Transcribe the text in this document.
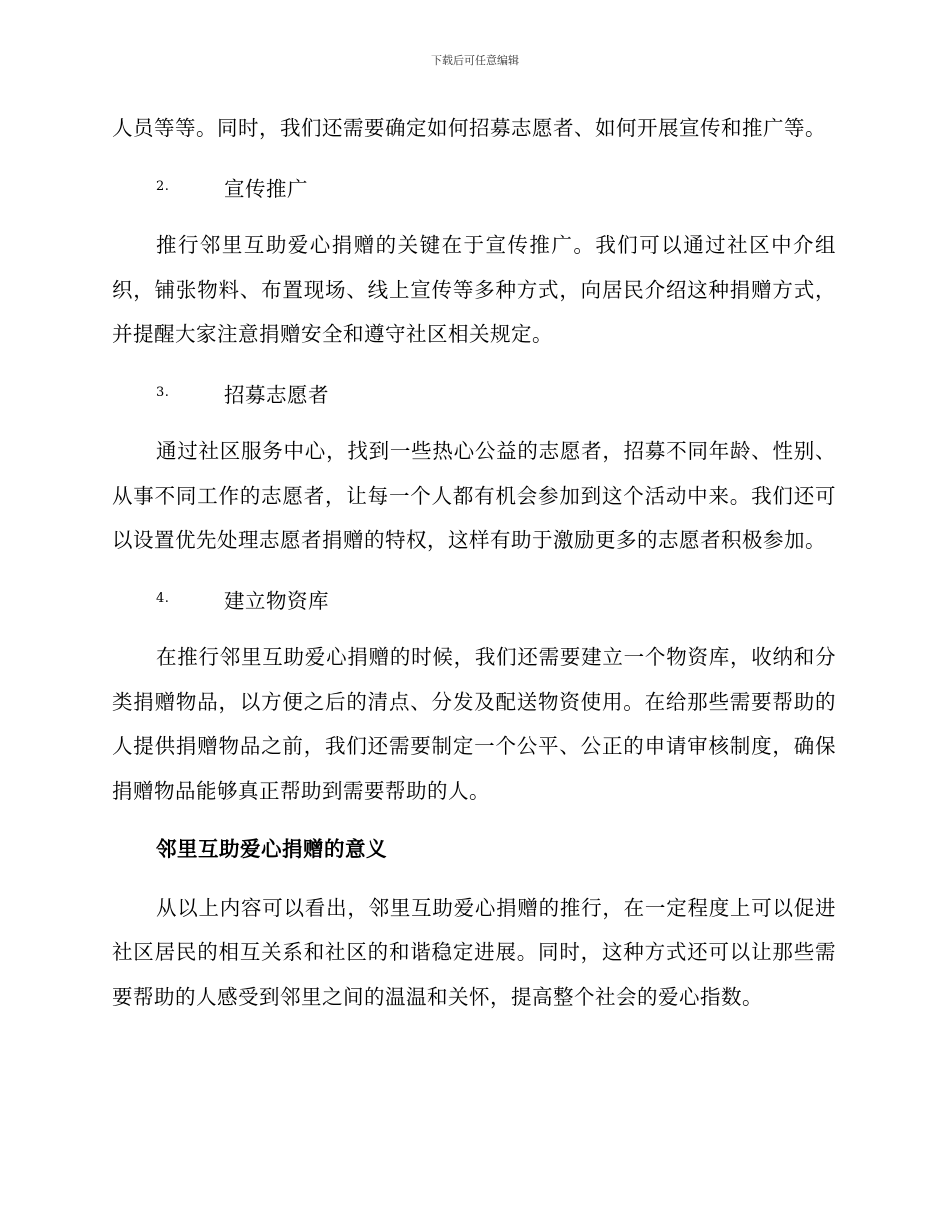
下载后可任意编辑

人员等等。同时，我们还需要确定如何招募志愿者、如何开展宣传和推广等。

2.	宣传推广

推行邻里互助爱心捐赠的关键在于宣传推广。我们可以通过社区中介组织，铺张物料、布置现场、线上宣传等多种方式，向居民介绍这种捐赠方式，并提醒大家注意捐赠安全和遵守社区相关规定。

3.	招募志愿者

通过社区服务中心，找到一些热心公益的志愿者，招募不同年龄、性别、从事不同工作的志愿者，让每一个人都有机会参加到这个活动中来。我们还可以设置优先处理志愿者捐赠的特权，这样有助于激励更多的志愿者积极参加。

4.	建立物资库

在推行邻里互助爱心捐赠的时候，我们还需要建立一个物资库，收纳和分类捐赠物品，以方便之后的清点、分发及配送物资使用。在给那些需要帮助的人提供捐赠物品之前，我们还需要制定一个公平、公正的申请审核制度，确保捐赠物品能够真正帮助到需要帮助的人。

邻里互助爱心捐赠的意义

从以上内容可以看出，邻里互助爱心捐赠的推行，在一定程度上可以促进社区居民的相互关系和社区的和谐稳定进展。同时，这种方式还可以让那些需要帮助的人感受到邻里之间的温温和关怀，提高整个社会的爱心指数。
